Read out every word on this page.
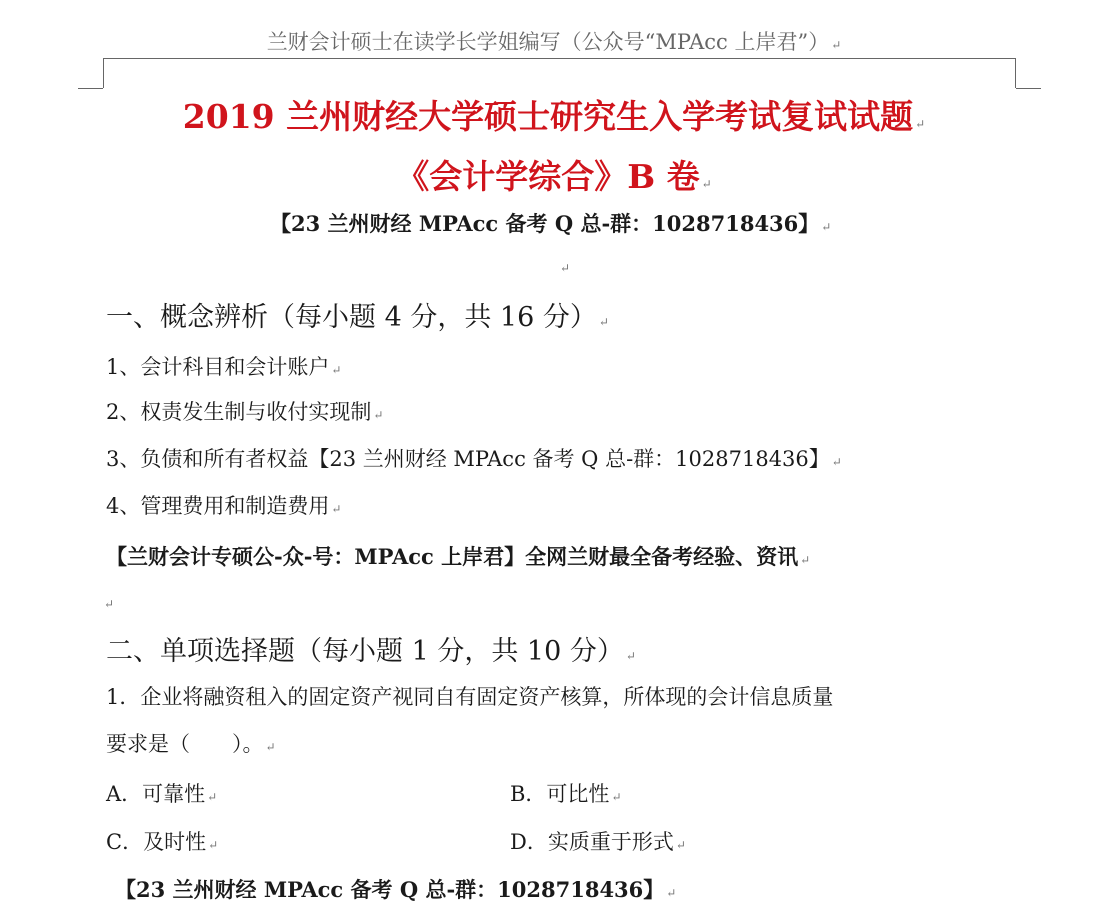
兰财会计硕士在读学长学姐编写（公众号“MPAcc 上岸君”） ↵
2019 兰州财经大学硕士研究生入学考试复试试题 ↵
《会计学综合》B 卷 ↵
【23 兰州财经 MPAcc 备考 Q 总-群：1028718436】 ↵
↵
一、概念辨析（每小题 4 分，共 16 分） ↵
1、会计科目和会计账户 ↵
2、权责发生制与收付实现制 ↵
3、负债和所有者权益【23 兰州财经 MPAcc 备考 Q 总-群：1028718436】 ↵
4、管理费用和制造费用 ↵
【兰财会计专硕公-众-号：MPAcc 上岸君】全网兰财最全备考经验、资讯 ↵
↵
二、单项选择题（每小题 1 分，共 10 分） ↵
1．企业将融资租入的固定资产视同自有固定资产核算，所体现的会计信息质量
要求是（　　）。 ↵
A．可靠性 ↵	B．可比性 ↵
C．及时性 ↵	D．实质重于形式 ↵
【23 兰州财经 MPAcc 备考 Q 总-群：1028718436】 ↵
